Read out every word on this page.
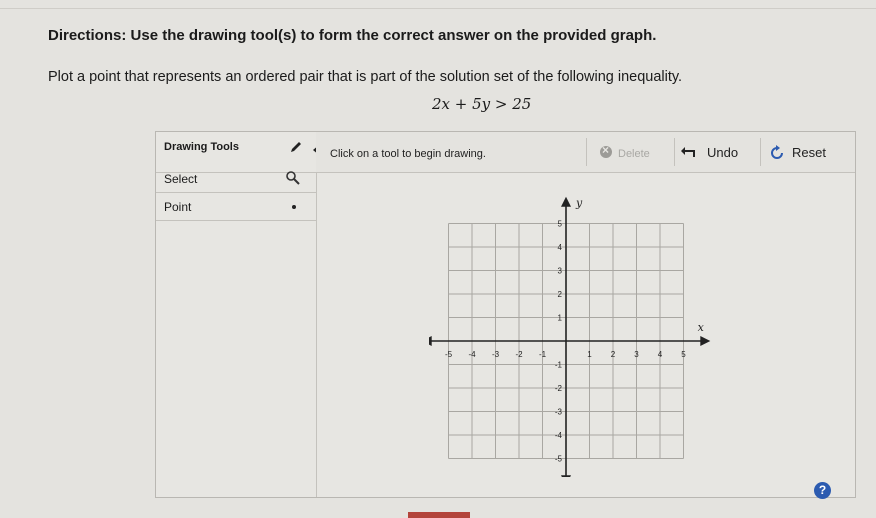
Directions: Use the drawing tool(s) to form the correct answer on the provided graph.
Plot a point that represents an ordered pair that is part of the solution set of the following inequality.
2x + 5y > 25
Drawing Tools
Select
Point
Click on a tool to begin drawing.
×	Delete	Undo	Reset
x
y
-5 -4 -3 -2 -1	1 2 3 4 5
5
4
3
2
1
-1
-2
-3
-4
-5
?
